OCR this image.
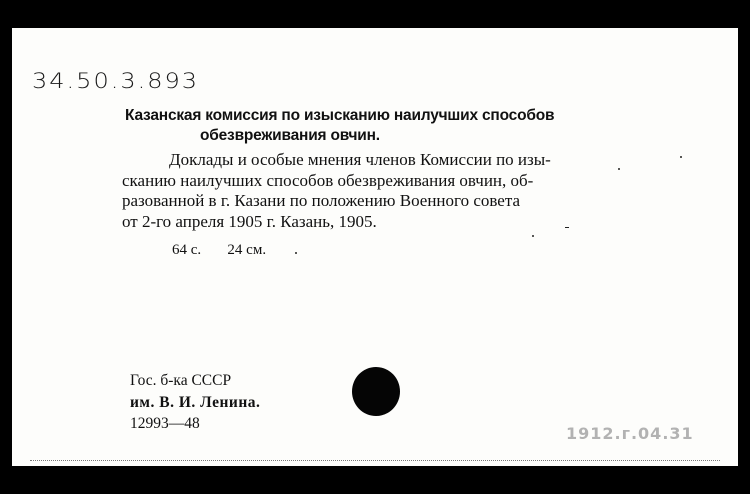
34.50.3.893
Казанская комиссия по изысканию наилучших способов
обезвреживания овчин.
Доклады и особые мнения членов Комиссии по изы-
сканию наилучших способов обезвреживания овчин, об-
разованной в г. Казани по положению Военного совета
от 2-го апреля 1905 г. Казань, 1905.
64 с. 24 см.
Гос. б-ка СССР
им. В. И. Ленина.
12993—48
1912.г.04.31
